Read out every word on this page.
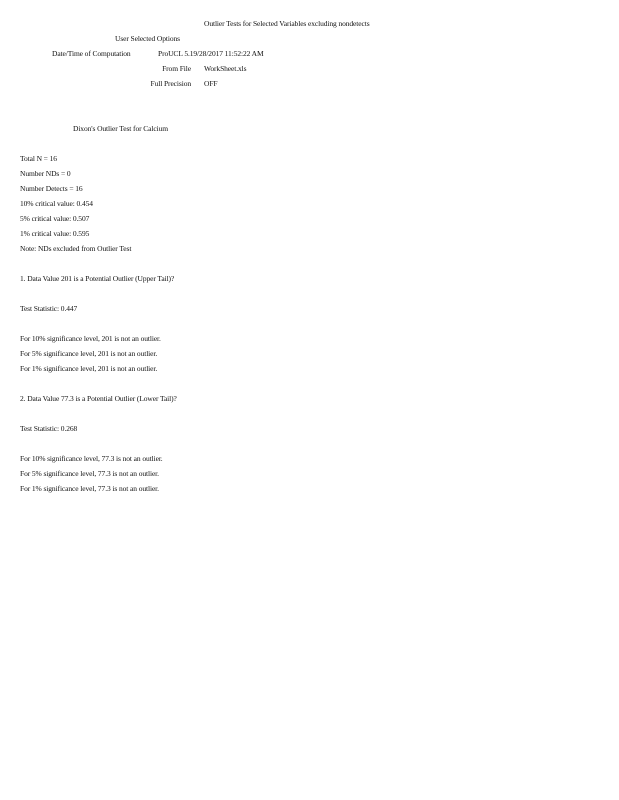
Outlier Tests for Selected Variables excluding nondetects
User Selected Options
Date/Time of Computation	ProUCL 5.19/28/2017 11:52:22 AM
From File WorkSheet.xls
Full Precision OFF
Dixon's Outlier Test for Calcium
Total N = 16
Number NDs = 0
Number Detects = 16
10% critical value: 0.454
5% critical value: 0.507
1% critical value: 0.595
Note: NDs excluded from Outlier Test
1. Data Value 201 is a Potential Outlier (Upper Tail)?
Test Statistic: 0.447
For 10% significance level, 201 is not an outlier.
For 5% significance level, 201 is not an outlier.
For 1% significance level, 201 is not an outlier.
2. Data Value 77.3 is a Potential Outlier (Lower Tail)?
Test Statistic: 0.268
For 10% significance level, 77.3 is not an outlier.
For 5% significance level, 77.3 is not an outlier.
For 1% significance level, 77.3 is not an outlier.
